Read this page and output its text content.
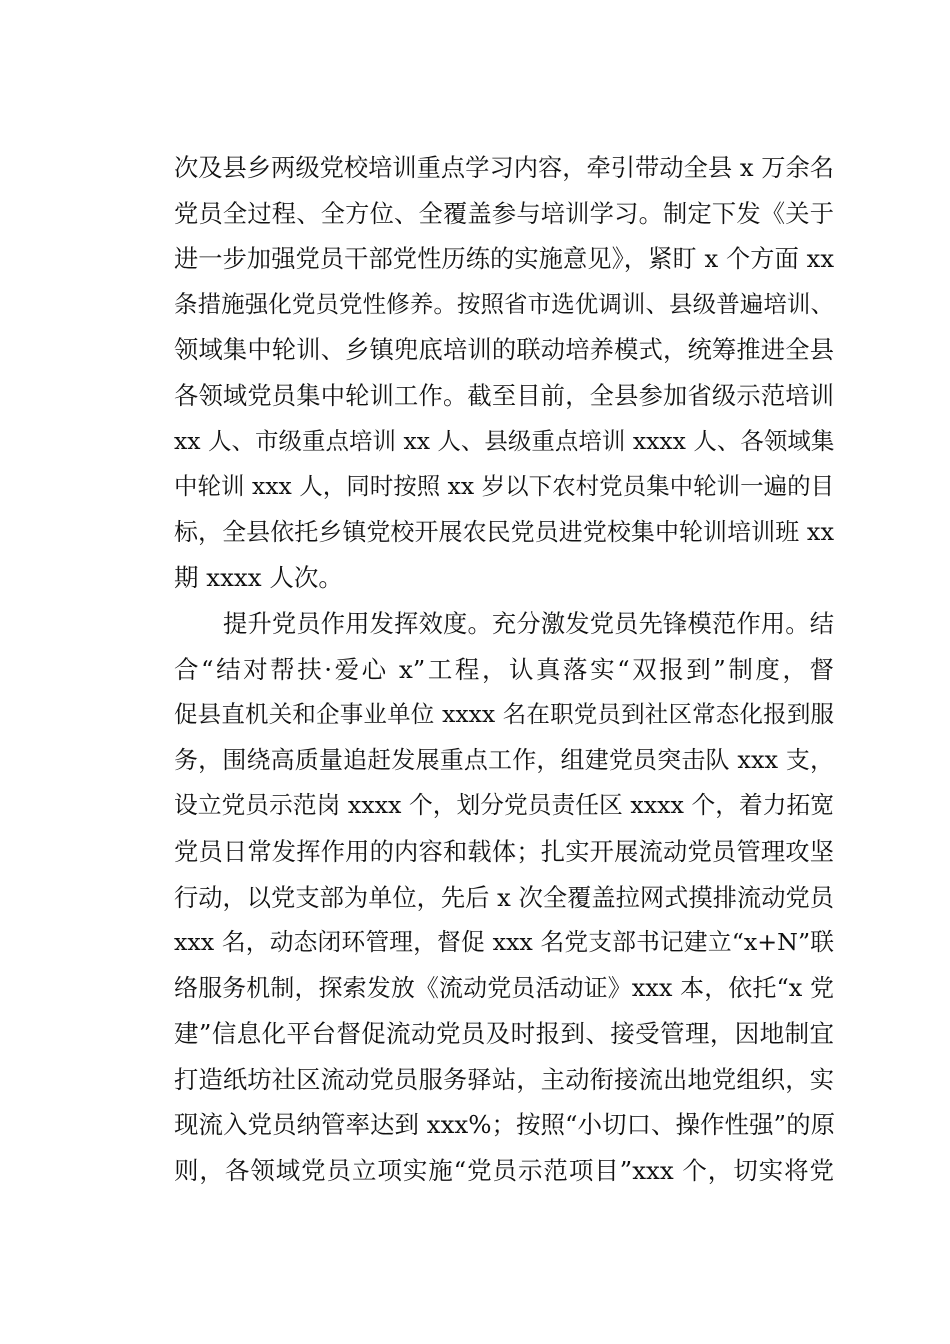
次及县乡两级党校培训重点学习内容，牵引带动全县 x 万余名
党员全过程、全方位、全覆盖参与培训学习。制定下发《关于
进一步加强党员干部党性历练的实施意见》，紧盯 x 个方面 xx
条措施强化党员党性修养。按照省市选优调训、县级普遍培训、
领域集中轮训、乡镇兜底培训的联动培养模式，统筹推进全县
各领域党员集中轮训工作。截至目前，全县参加省级示范培训
xx 人、市级重点培训 xx 人、县级重点培训 xxxx 人、各领域集
中轮训 xxx 人，同时按照 xx 岁以下农村党员集中轮训一遍的目
标，全县依托乡镇党校开展农民党员进党校集中轮训培训班 xx
期 xxxx 人次。
提升党员作用发挥效度。充分激发党员先锋模范作用。结
合“结对帮扶·爱心 x”工程，认真落实“双报到”制度，督
促县直机关和企事业单位 xxxx 名在职党员到社区常态化报到服
务，围绕高质量追赶发展重点工作，组建党员突击队 xxx 支，
设立党员示范岗 xxxx 个，划分党员责任区 xxxx 个，着力拓宽
党员日常发挥作用的内容和载体；扎实开展流动党员管理攻坚
行动，以党支部为单位，先后 x 次全覆盖拉网式摸排流动党员
xxx 名，动态闭环管理，督促 xxx 名党支部书记建立“x+N”联
络服务机制，探索发放《流动党员活动证》xxx 本，依托“x 党
建”信息化平台督促流动党员及时报到、接受管理，因地制宜
打造纸坊社区流动党员服务驿站，主动衔接流出地党组织，实
现流入党员纳管率达到 xxx%；按照“小切口、操作性强”的原
则，各领域党员立项实施“党员示范项目”xxx 个，切实将党
